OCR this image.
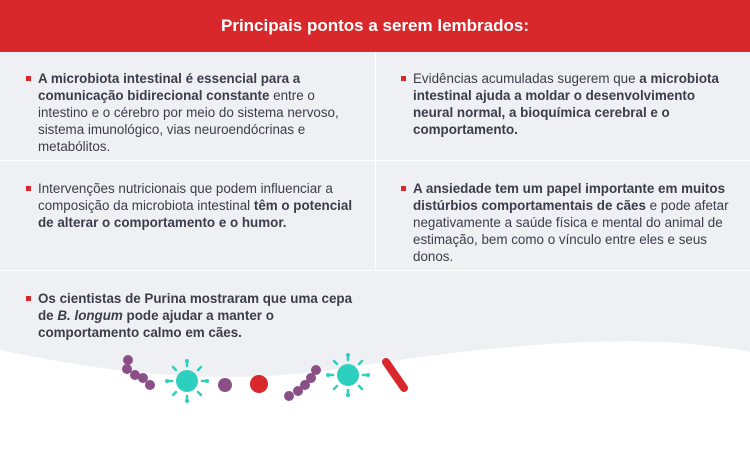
Principais pontos a serem lembrados:
A microbiota intestinal é essencial para a comunicação bidirecional constante entre o intestino e o cérebro por meio do sistema nervoso, sistema imunológico, vias neuroendócrinas e metabólitos.
Evidências acumuladas sugerem que a microbiota intestinal ajuda a moldar o desenvolvimento neural normal, a bioquímica cerebral e o comportamento.
Intervenções nutricionais que podem influenciar a composição da microbiota intestinal têm o potencial de alterar o comportamento e o humor.
A ansiedade tem um papel importante em muitos distúrbios comportamentais de cães e pode afetar negativamente a saúde física e mental do animal de estimação, bem como o vínculo entre eles e seus donos.
Os cientistas de Purina mostraram que uma cepa de B. longum pode ajudar a manter o comportamento calmo em cães.
